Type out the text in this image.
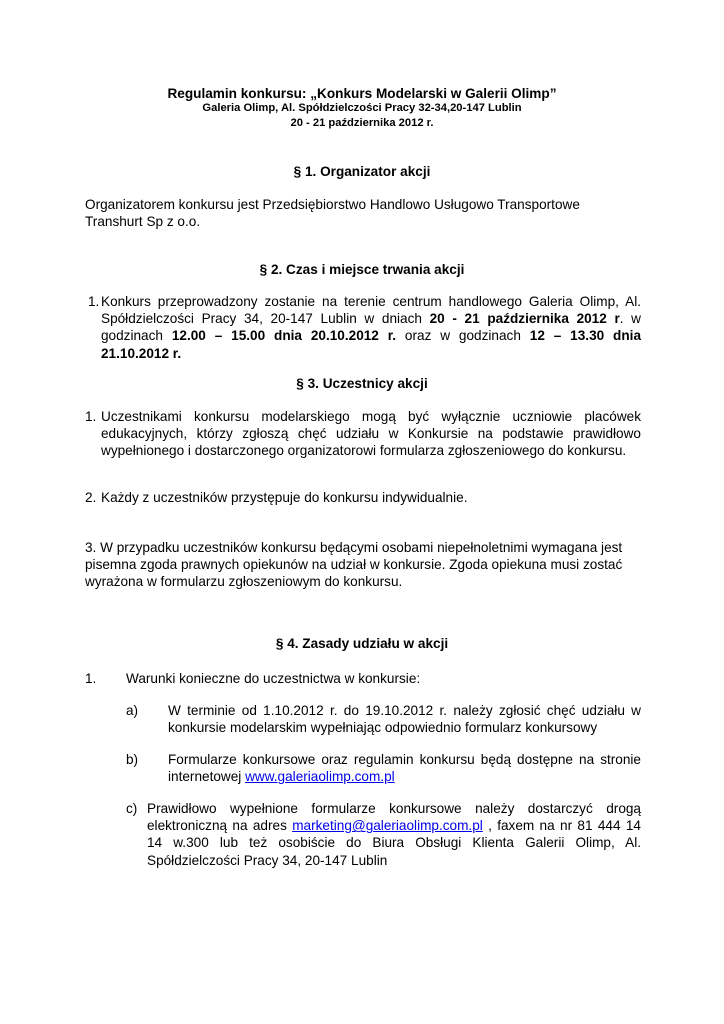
Regulamin konkursu: „Konkurs Modelarski w Galerii Olimp”
Galeria Olimp, Al. Spółdzielczości Pracy 32-34,20-147 Lublin
20 - 21 października 2012 r.
§ 1. Organizator akcji
Organizatorem konkursu jest Przedsiębiorstwo Handlowo Usługowo Transportowe
Transhurt Sp z o.o.
§ 2. Czas i miejsce trwania akcji
1. Konkurs przeprowadzony zostanie na terenie centrum handlowego Galeria Olimp, Al. Spółdzielczości Pracy 34, 20-147 Lublin w dniach 20 - 21 października 2012 r. w godzinach 12.00 – 15.00 dnia 20.10.2012 r. oraz w godzinach 12 – 13.30 dnia 21.10.2012 r.
§ 3. Uczestnicy akcji
1. Uczestnikami konkursu modelarskiego mogą być wyłącznie uczniowie placówek edukacyjnych, którzy zgłoszą chęć udziału w Konkursie na podstawie prawidłowo wypełnionego i dostarczonego organizatorowi formularza zgłoszeniowego do konkursu.
2. Każdy z uczestników przystępuje do konkursu indywidualnie.
3. W przypadku uczestników konkursu będącymi osobami niepełnoletnimi wymagana jest pisemna zgoda prawnych opiekunów na udział w konkursie. Zgoda opiekuna musi zostać wyrażona w formularzu zgłoszeniowym do konkursu.
§ 4. Zasady udziału w akcji
1. Warunki konieczne do uczestnictwa w konkursie:
a) W terminie od 1.10.2012 r. do 19.10.2012 r. należy zgłosić chęć udziału w konkursie modelarskim wypełniając odpowiednio formularz konkursowy
b) Formularze konkursowe oraz regulamin konkursu będą dostępne na stronie internetowej www.galeriaolimp.com.pl
c) Prawidłowo wypełnione formularze konkursowe należy dostarczyć drogą elektroniczną na adres marketing@galeriaolimp.com.pl , faxem na nr 81 444 14 14 w.300 lub też osobiście do Biura Obsługi Klienta Galerii Olimp, Al. Spółdzielczości Pracy 34, 20-147 Lublin
